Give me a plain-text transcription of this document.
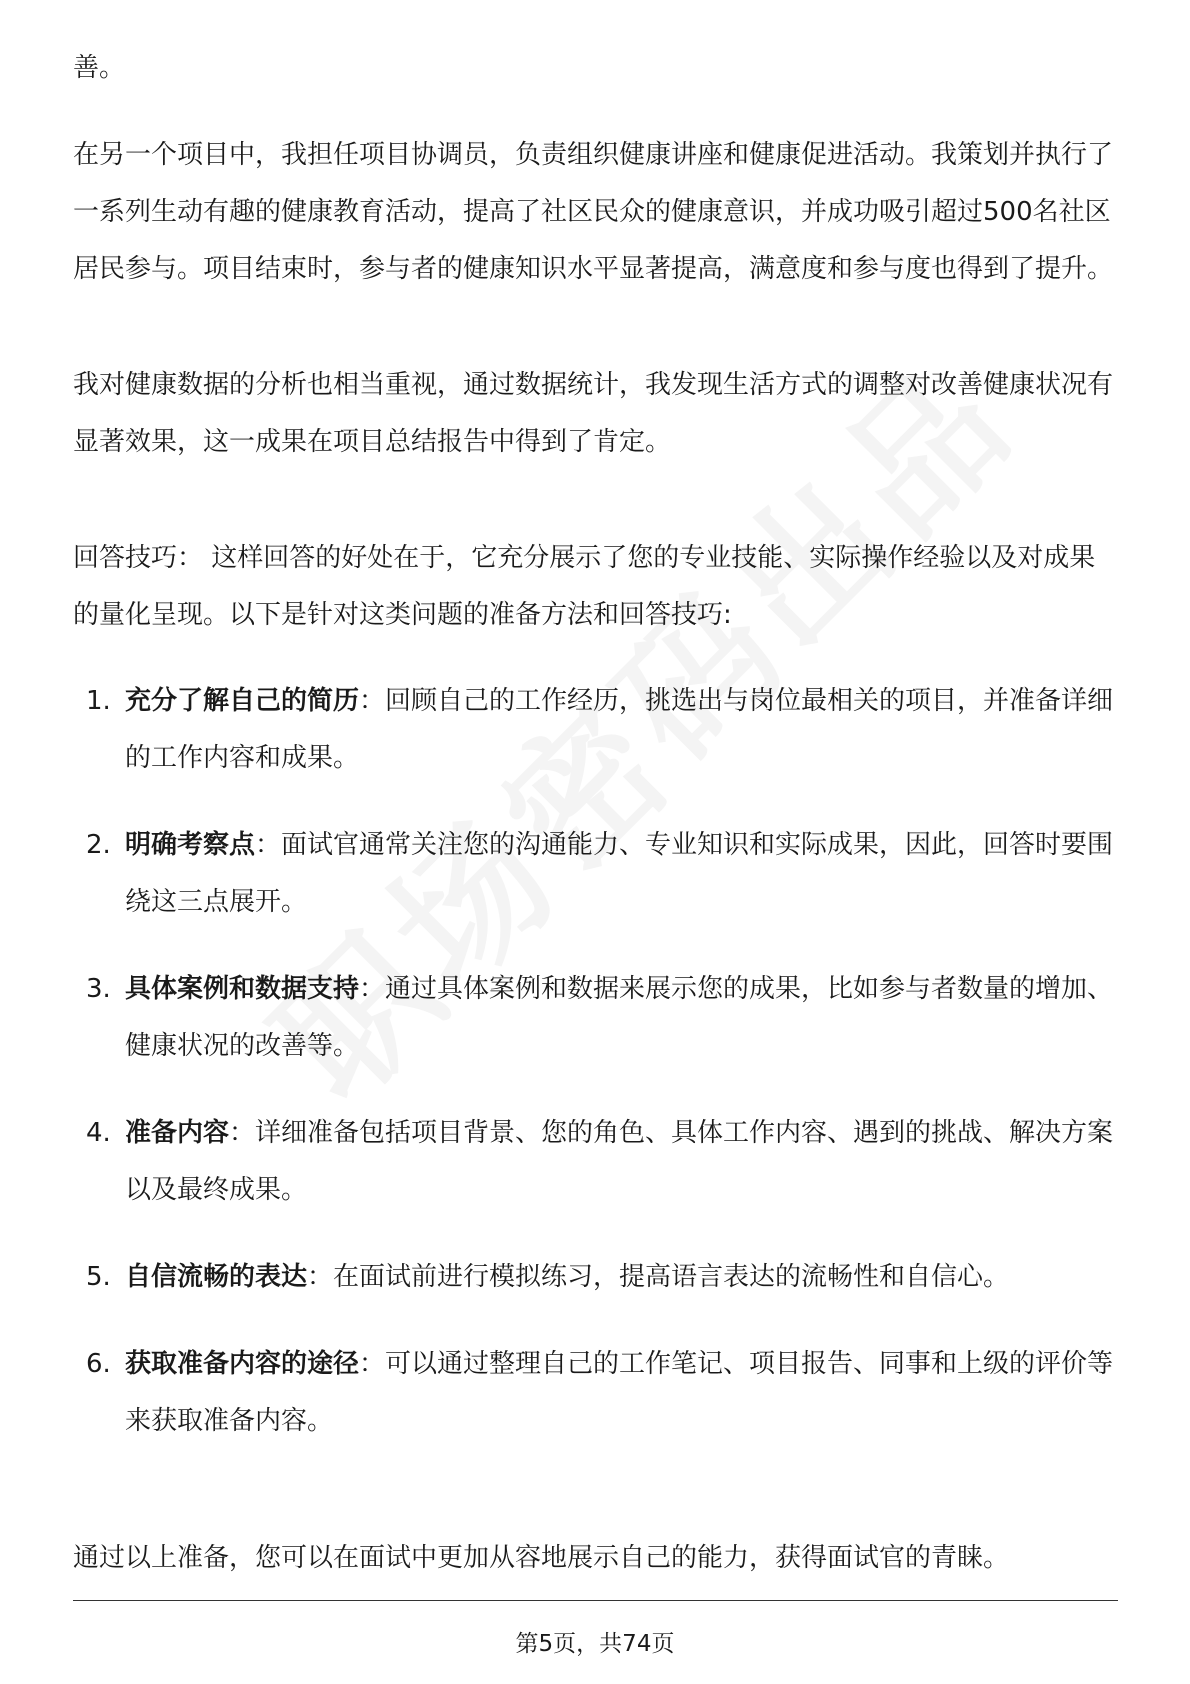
善。

在另一个项目中，我担任项目协调员，负责组织健康讲座和健康促进活动。我策划并执行了一系列生动有趣的健康教育活动，提高了社区民众的健康意识，并成功吸引超过500名社区居民参与。项目结束时，参与者的健康知识水平显著提高，满意度和参与度也得到了提升。

我对健康数据的分析也相当重视，通过数据统计，我发现生活方式的调整对改善健康状况有显著效果，这一成果在项目总结报告中得到了肯定。

回答技巧： 这样回答的好处在于，它充分展示了您的专业技能、实际操作经验以及对成果的量化呈现。以下是针对这类问题的准备方法和回答技巧:

1. 充分了解自己的简历：回顾自己的工作经历，挑选出与岗位最相关的项目，并准备详细的工作内容和成果。
2. 明确考察点：面试官通常关注您的沟通能力、专业知识和实际成果，因此，回答时要围绕这三点展开。
3. 具体案例和数据支持：通过具体案例和数据来展示您的成果，比如参与者数量的增加、健康状况的改善等。
4. 准备内容：详细准备包括项目背景、您的角色、具体工作内容、遇到的挑战、解决方案以及最终成果。
5. 自信流畅的表达：在面试前进行模拟练习，提高语言表达的流畅性和自信心。
6. 获取准备内容的途径：可以通过整理自己的工作笔记、项目报告、同事和上级的评价等来获取准备内容。

通过以上准备，您可以在面试中更加从容地展示自己的能力，获得面试官的青睐。

第5页，共74页
